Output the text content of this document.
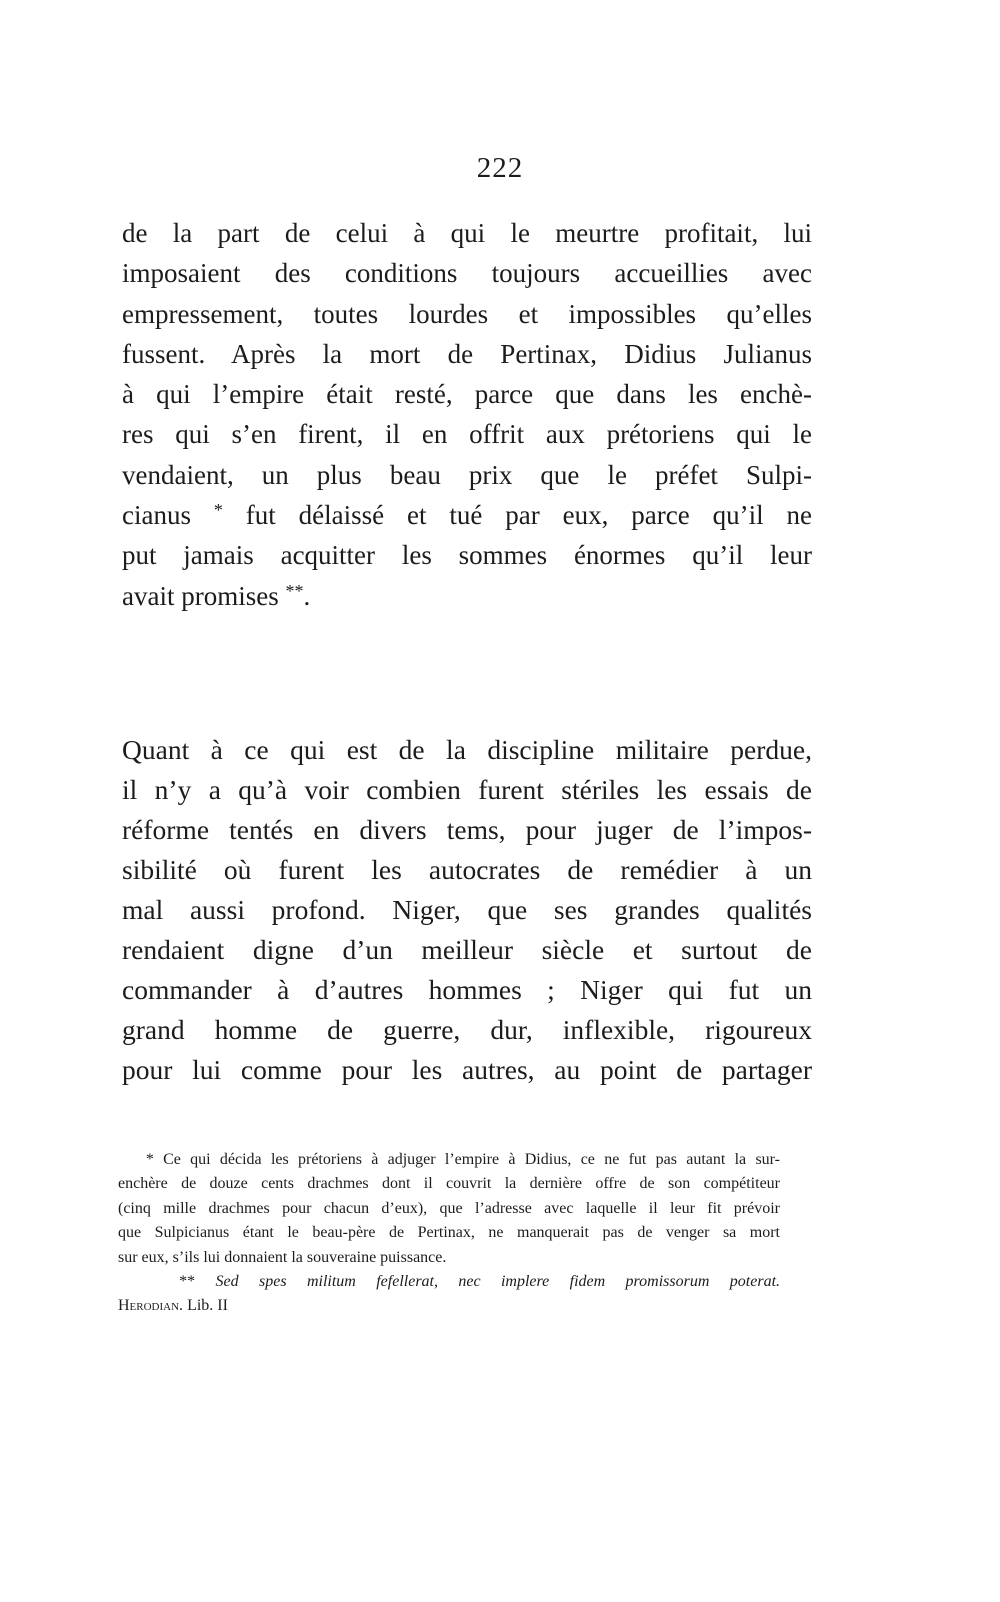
222
de la part de celui à qui le meurtre profitait, lui
imposaient des conditions toujours accueillies avec
empressement, toutes lourdes et impossibles qu’elles
fussent. Après la mort de Pertinax, Didius Julianus
à qui l’empire était resté, parce que dans les enchè-
res qui s’en firent, il en offrit aux prétoriens qui le
vendaient, un plus beau prix que le préfet Sulpi-
cianus * fut délaissé et tué par eux, parce qu’il ne
put jamais acquitter les sommes énormes qu’il leur
avait promises **.
Quant à ce qui est de la discipline militaire perdue,
il n’y a qu’à voir combien furent stériles les essais de
réforme tentés en divers tems, pour juger de l’impos-
sibilité où furent les autocrates de remédier à un
mal aussi profond. Niger, que ses grandes qualités
rendaient digne d’un meilleur siècle et surtout de
commander à d’autres hommes ; Niger qui fut un
grand homme de guerre, dur, inflexible, rigoureux
pour lui comme pour les autres, au point de partager
* Ce qui décida les prétoriens à adjuger l’empire à Didius, ce ne fut pas autant la sur-
enchère de douze cents drachmes dont il couvrit la dernière offre de son compétiteur
(cinq mille drachmes pour chacun d’eux), que l’adresse avec laquelle il leur fit prévoir
que Sulpicianus étant le beau-père de Pertinax, ne manquerait pas de venger sa mort
sur eux, s’ils lui donnaient la souveraine puissance.
** Sed spes militum fefellerat, nec implere fidem promissorum poterat.
Herodian. Lib. II
